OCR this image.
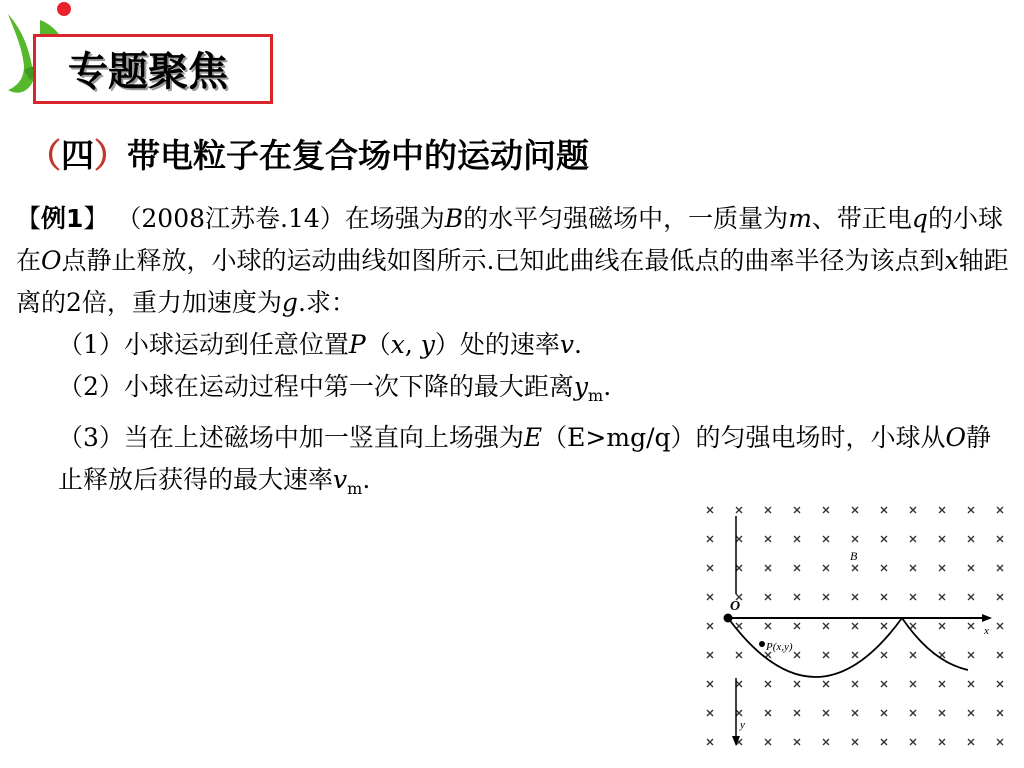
专题聚焦
（四）带电粒子在复合场中的运动问题

【例1】 （2008江苏卷.14）在场强为B的水平匀强磁场中，一质量为m、带正电q的小球在O点静止释放，小球的运动曲线如图所示.已知此曲线在最低点的曲率半径为该点到x轴距离的2倍，重力加速度为g.求：

（1）小球运动到任意位置P（x, y）处的速率v.

（2）小球在运动过程中第一次下降的最大距离$y_m$.

（3）当在上述磁场中加一竖直向上场强为E（E>mg/q）的匀强电场时，小球从O静止释放后获得的最大速率$v_m$.

O
B
x
y
P(x,y)
